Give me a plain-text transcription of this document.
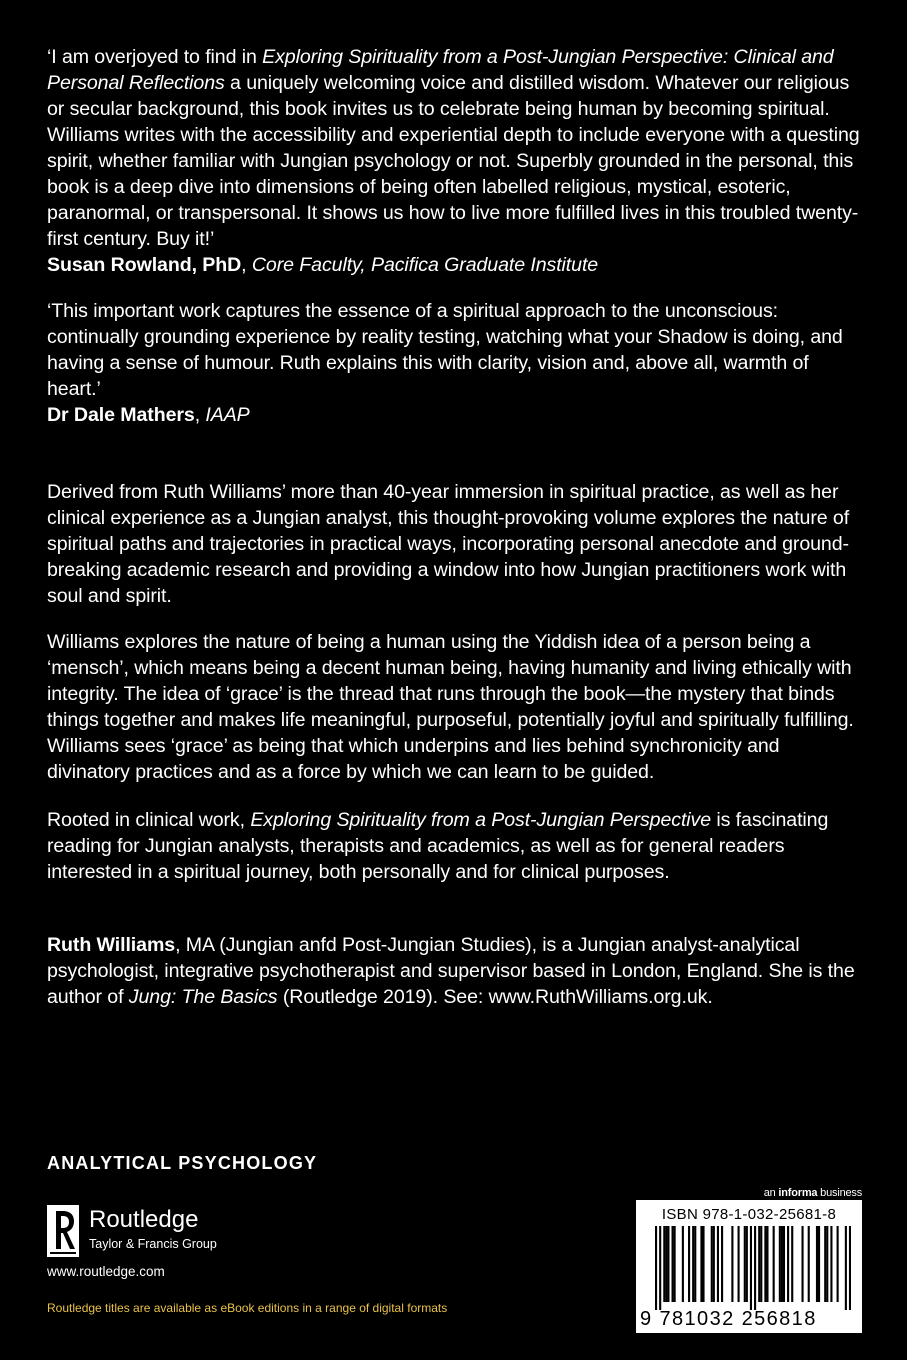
‘I am overjoyed to find in Exploring Spirituality from a Post-Jungian Perspective: Clinical and Personal Reflections a uniquely welcoming voice and distilled wisdom. Whatever our religious or secular background, this book invites us to celebrate being human by becoming spiritual. Williams writes with the accessibility and experiential depth to include everyone with a questing spirit, whether familiar with Jungian psychology or not. Superbly grounded in the personal, this book is a deep dive into dimensions of being often labelled religious, mystical, esoteric, paranormal, or transpersonal. It shows us how to live more fulfilled lives in this troubled twenty-first century. Buy it!’
Susan Rowland, PhD, Core Faculty, Pacifica Graduate Institute

‘This important work captures the essence of a spiritual approach to the unconscious: continually grounding experience by reality testing, watching what your Shadow is doing, and having a sense of humour. Ruth explains this with clarity, vision and, above all, warmth of heart.’
Dr Dale Mathers, IAAP

Derived from Ruth Williams’ more than 40-year immersion in spiritual practice, as well as her clinical experience as a Jungian analyst, this thought-provoking volume explores the nature of spiritual paths and trajectories in practical ways, incorporating personal anecdote and ground-breaking academic research and providing a window into how Jungian practitioners work with soul and spirit.

Williams explores the nature of being a human using the Yiddish idea of a person being a ‘mensch’, which means being a decent human being, having humanity and living ethically with integrity. The idea of ‘grace’ is the thread that runs through the book—the mystery that binds things together and makes life meaningful, purposeful, potentially joyful and spiritually fulfilling. Williams sees ‘grace’ as being that which underpins and lies behind synchronicity and divinatory practices and as a force by which we can learn to be guided.

Rooted in clinical work, Exploring Spirituality from a Post-Jungian Perspective is fascinating reading for Jungian analysts, therapists and academics, as well as for general readers interested in a spiritual journey, both personally and for clinical purposes.

Ruth Williams, MA (Jungian anfd Post-Jungian Studies), is a Jungian analyst-analytical psychologist, integrative psychotherapist and supervisor based in London, England. She is the author of Jung: The Basics (Routledge 2019). See: www.RuthWilliams.org.uk.

ANALYTICAL PSYCHOLOGY

Routledge
Taylor & Francis Group

www.routledge.com

Routledge titles are available as eBook editions in a range of digital formats

an informa business

ISBN 978-1-032-25681-8
9 781032 256818
